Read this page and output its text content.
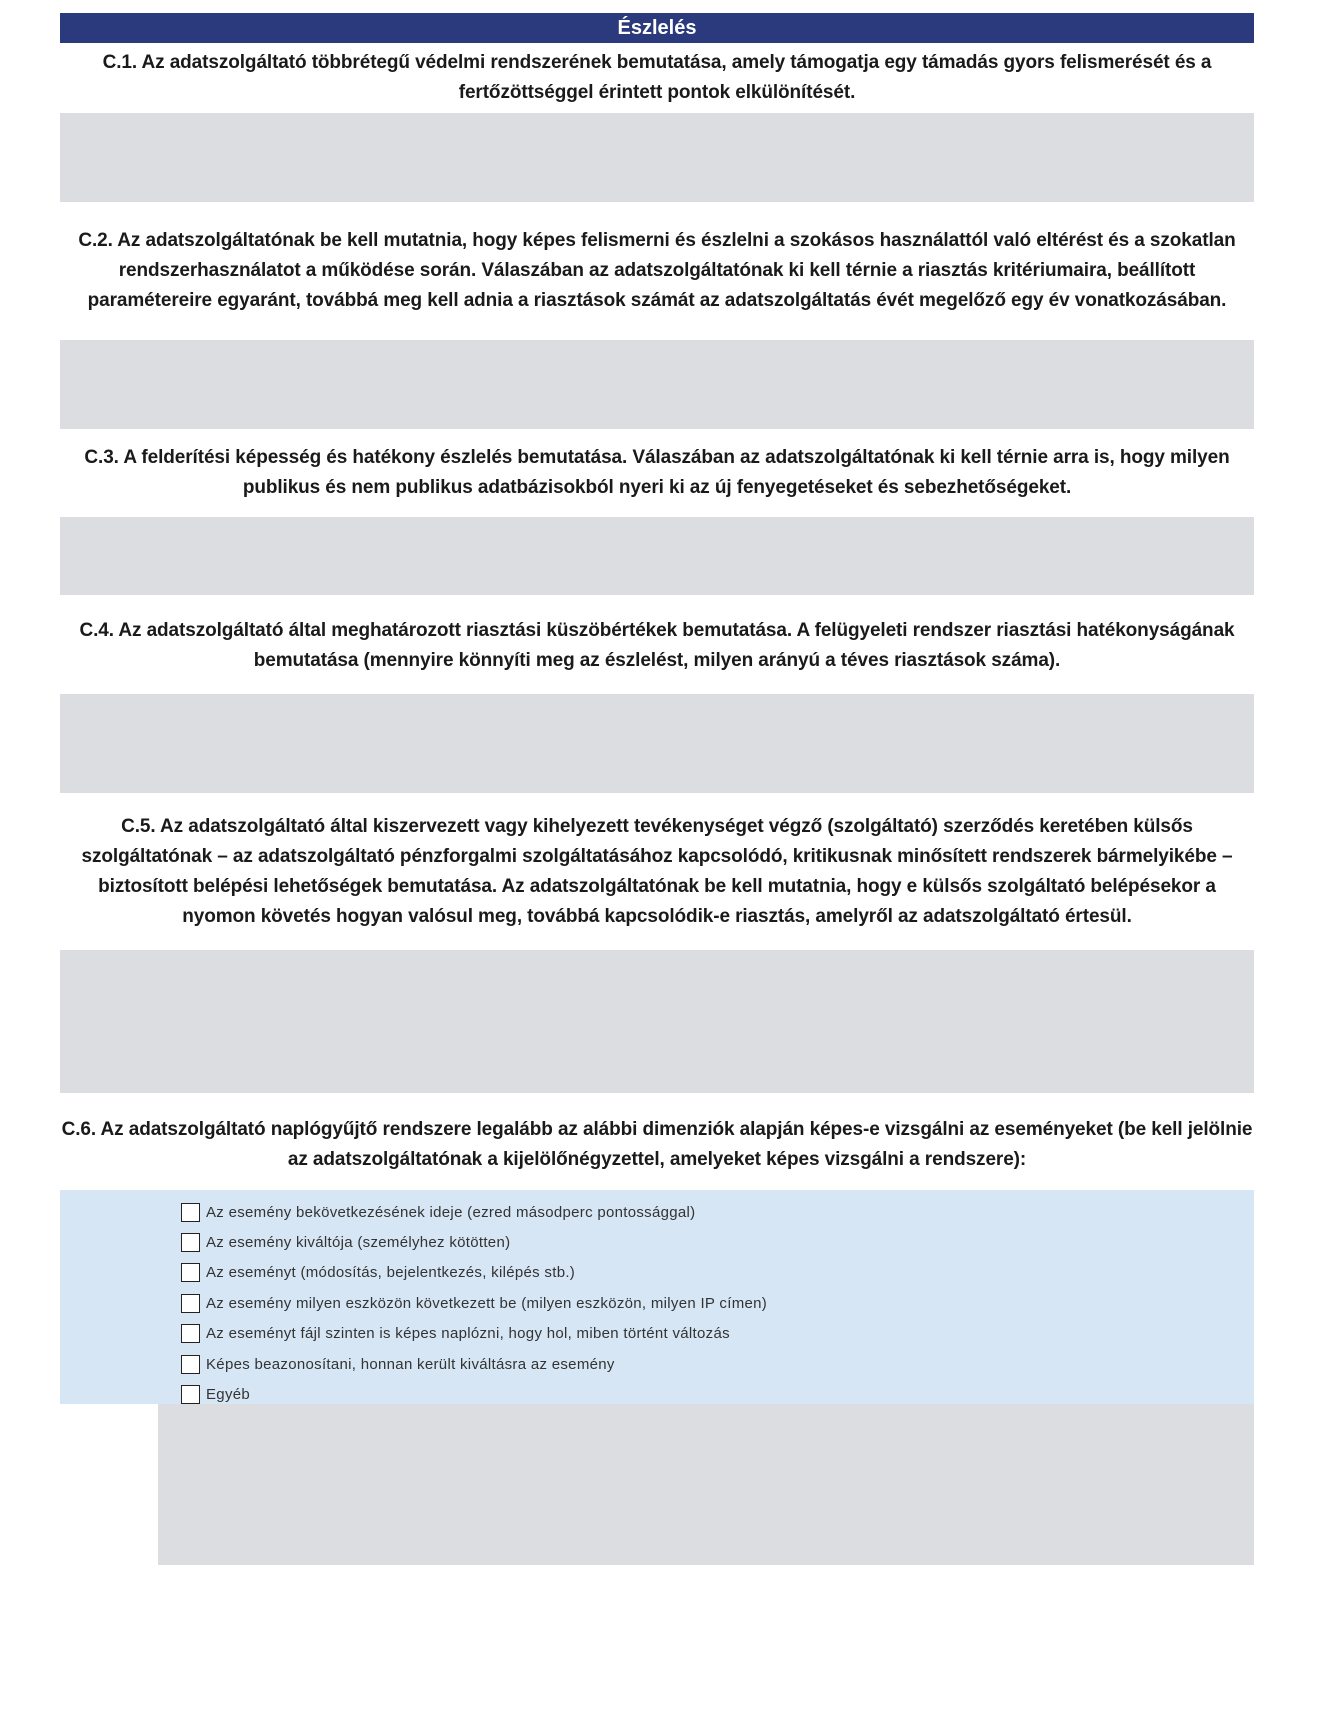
Észlelés
C.1. Az adatszolgáltató többrétegű védelmi rendszerének bemutatása, amely támogatja egy támadás gyors felismerését és a fertőzöttséggel érintett pontok elkülönítését.
C.2. Az adatszolgáltatónak be kell mutatnia, hogy képes felismerni és észlelni a szokásos használattól való eltérést és a szokatlan rendszerhasználatot a működése során. Válaszában az adatszolgáltatónak ki kell térnie a riasztás kritériumaira, beállított paramétereire egyaránt, továbbá meg kell adnia a riasztások számát az adatszolgáltatás évét megelőző egy év vonatkozásában.
C.3. A felderítési képesség és hatékony észlelés bemutatása. Válaszában az adatszolgáltatónak ki kell térnie arra is, hogy milyen publikus és nem publikus adatbázisokból nyeri ki az új fenyegetéseket és sebezhetőségeket.
C.4. Az adatszolgáltató által meghatározott riasztási küszöbértékek bemutatása. A felügyeleti rendszer riasztási hatékonyságának bemutatása (mennyire könnyíti meg az észlelést, milyen arányú a téves riasztások száma).
C.5. Az adatszolgáltató által kiszervezett vagy kihelyezett tevékenységet végző (szolgáltató) szerződés keretében külsős szolgáltatónak – az adatszolgáltató pénzforgalmi szolgáltatásához kapcsolódó, kritikusnak minősített rendszerek bármelyikébe – biztosított belépési lehetőségek bemutatása. Az adatszolgáltatónak be kell mutatnia, hogy e külsős szolgáltató belépésekor a nyomon követés hogyan valósul meg, továbbá kapcsolódik-e riasztás, amelyről az adatszolgáltató értesül.
C.6. Az adatszolgáltató naplógyűjtő rendszere legalább az alábbi dimenziók alapján képes-e vizsgálni az eseményeket (be kell jelölnie az adatszolgáltatónak a kijelölőnégyzettel, amelyeket képes vizsgálni a rendszere):
Az esemény bekövetkezésének ideje (ezred másodperc pontossággal)
Az esemény kiváltója (személyhez kötötten)
Az eseményt (módosítás, bejelentkezés, kilépés stb.)
Az esemény milyen eszközön következett be (milyen eszközön, milyen IP címen)
Az eseményt fájl szinten is képes naplózni, hogy hol, miben történt változás
Képes beazonosítani, honnan került kiváltásra az esemény
Egyéb
